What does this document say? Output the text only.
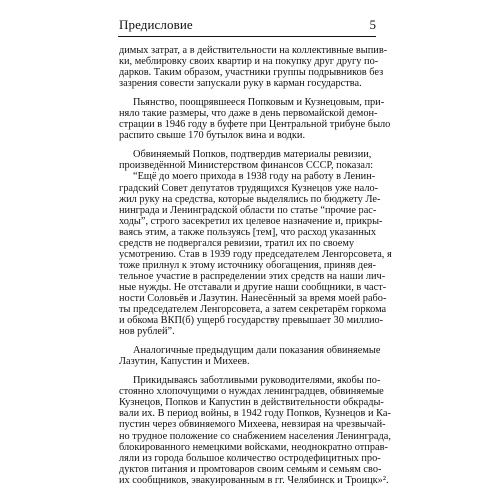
Предисловие	5

димых затрат, а в действительности на коллективные выпив-
ки, меблировку своих квартир и на покупку друг другу по-
дарков. Таким образом, участники группы подрывников без
зазрения совести запускали руку в карман государства.

Пьянство, поощрявшееся Попковым и Кузнецовым, при-
няло такие размеры, что даже в день первомайской демон-
страции в 1946 году в буфете при Центральной трибуне было
распито свыше 170 бутылок вина и водки.

Обвиняемый Попков, подтвердив материалы ревизии,
произведённой Министерством финансов СССР, показал:
“Ещё до моего прихода в 1938 году на работу в Ленин-
градский Совет депутатов трудящихся Кузнецов уже нало-
жил руку на средства, которые выделялись по бюджету Ле-
нинграда и Ленинградской области по статье “прочие рас-
ходы”, строго засекретил их целевое назначение и, прикры-
ваясь этим, а также пользуясь [тем], что расход указанных
средств не подвергался ревизии, тратил их по своему
усмотрению. Став в 1939 году председателем Ленгорсовета, я
тоже прилнул к этому источнику обогащения, приняв дея-
тельное участие в распределении этих средств на наши лич-
ные нужды. Не отставали и другие наши сообщники, в част-
ности Соловьёв и Лазутин. Нанесённый за время моей рабо-
ты председателем Ленгорсовета, а затем секретарём горкома
и обкома ВКП(б) ущерб государству превышает 30 миллио-
нов рублей”.

Аналогичные предыдущим дали показания обвиняемые
Лазутин, Капустин и Михеев.

Прикидываясь заботливыми руководителями, якобы по-
стоянно хлопочущими о нуждах ленинградцев, обвиняемые
Кузнецов, Попков и Капустин в действительности обкрады-
вали их. В период войны, в 1942 году Попков, Кузнецов и Ка-
пустин через обвиняемого Михеева, невзирая на чрезвычай-
но трудное положение со снабжением населения Ленинграда,
блокированного немецкими войсками, неоднократно отправ-
ляли из города большое количество остродефицитных про-
дуктов питания и промтоваров своим семьям и семьям сво-
их сообщников, эвакуированным в гг. Челябинск и Троицк»².
